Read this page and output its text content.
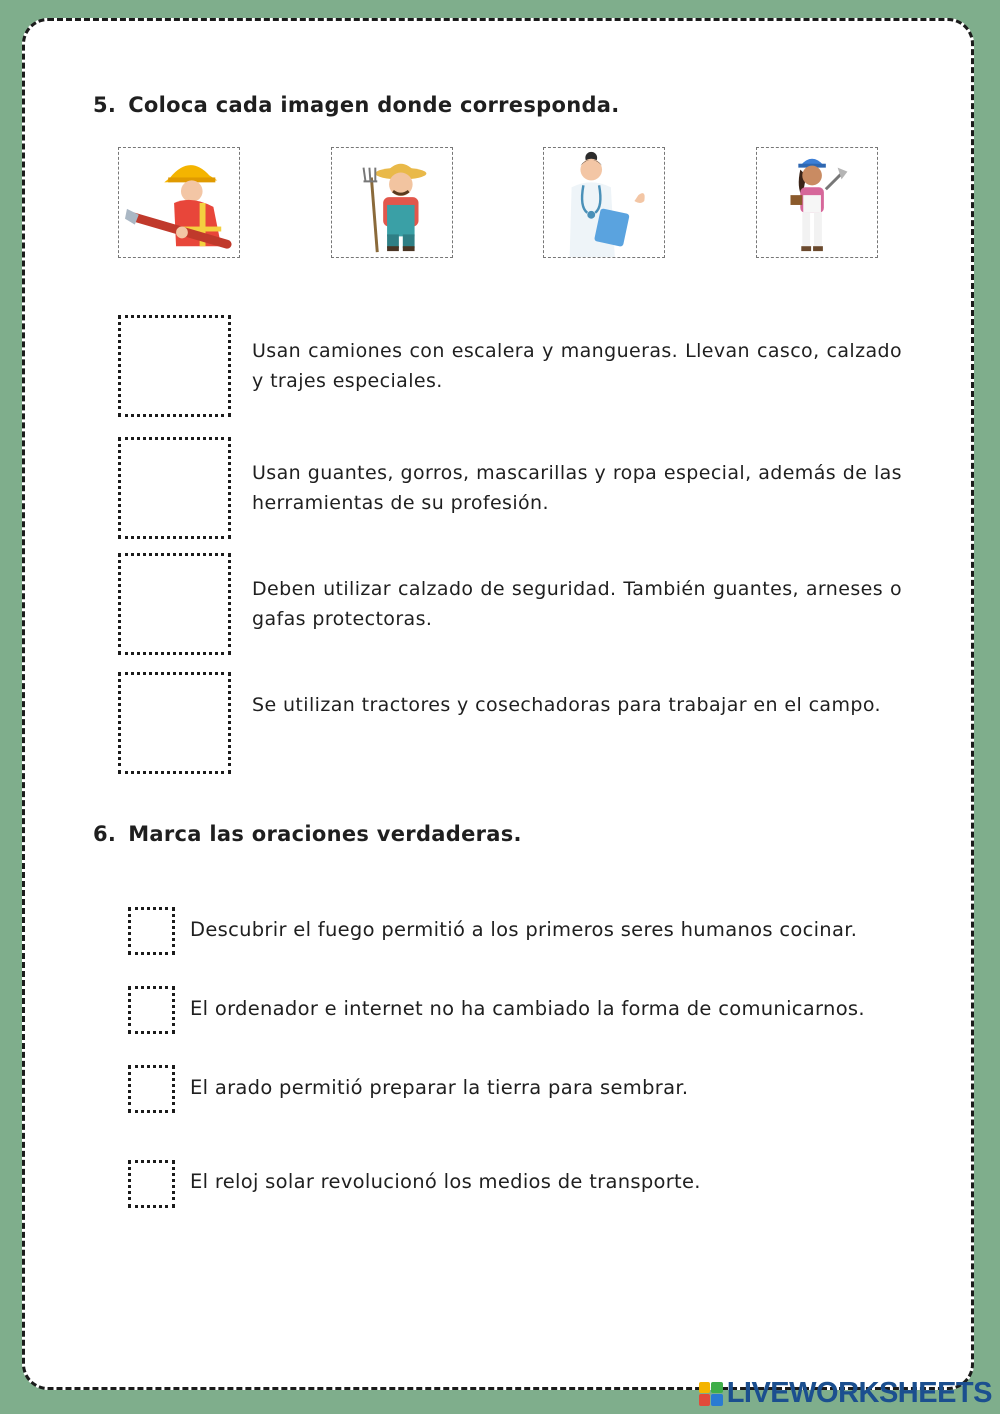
5. Coloca cada imagen donde corresponda.

Usan camiones con escalera y mangueras. Llevan casco, calzado y trajes especiales.

Usan guantes, gorros, mascarillas y ropa especial, además de las herramientas de su profesión.

Deben utilizar calzado de seguridad. También guantes, arneses o gafas protectoras.

Se utilizan tractores y cosechadoras para trabajar en el campo.

6. Marca las oraciones verdaderas.

Descubrir el fuego permitió a los primeros seres humanos cocinar.

El ordenador e internet no ha cambiado la forma de comunicarnos.

El arado permitió preparar la tierra para sembrar.

El reloj solar revolucionó los medios de transporte.

LIVEWORKSHEETS
